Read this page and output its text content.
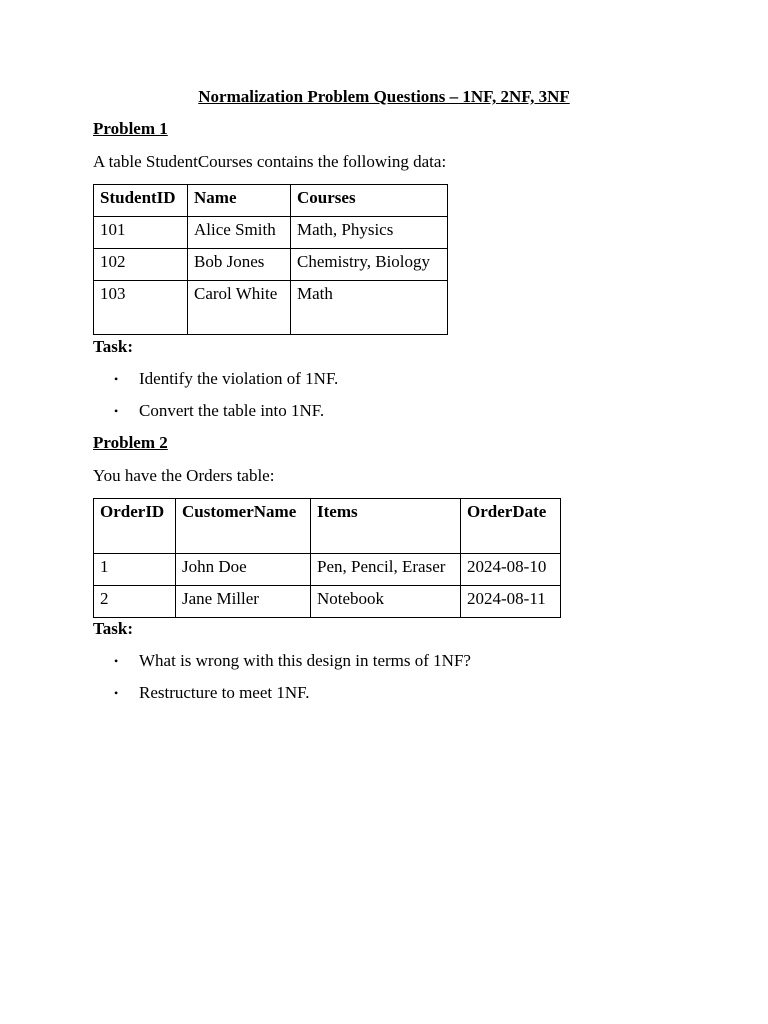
Normalization Problem Questions – 1NF, 2NF, 3NF
Problem 1
A table StudentCourses contains the following data:
StudentID	Name	Courses
101	Alice Smith	Math, Physics
102	Bob Jones	Chemistry, Biology
103	Carol White	Math
Task:
• Identify the violation of 1NF.
• Convert the table into 1NF.
Problem 2
You have the Orders table:
OrderID	CustomerName	Items	OrderDate
1	John Doe	Pen, Pencil, Eraser	2024-08-10
2	Jane Miller	Notebook	2024-08-11
Task:
• What is wrong with this design in terms of 1NF?
• Restructure to meet 1NF.
